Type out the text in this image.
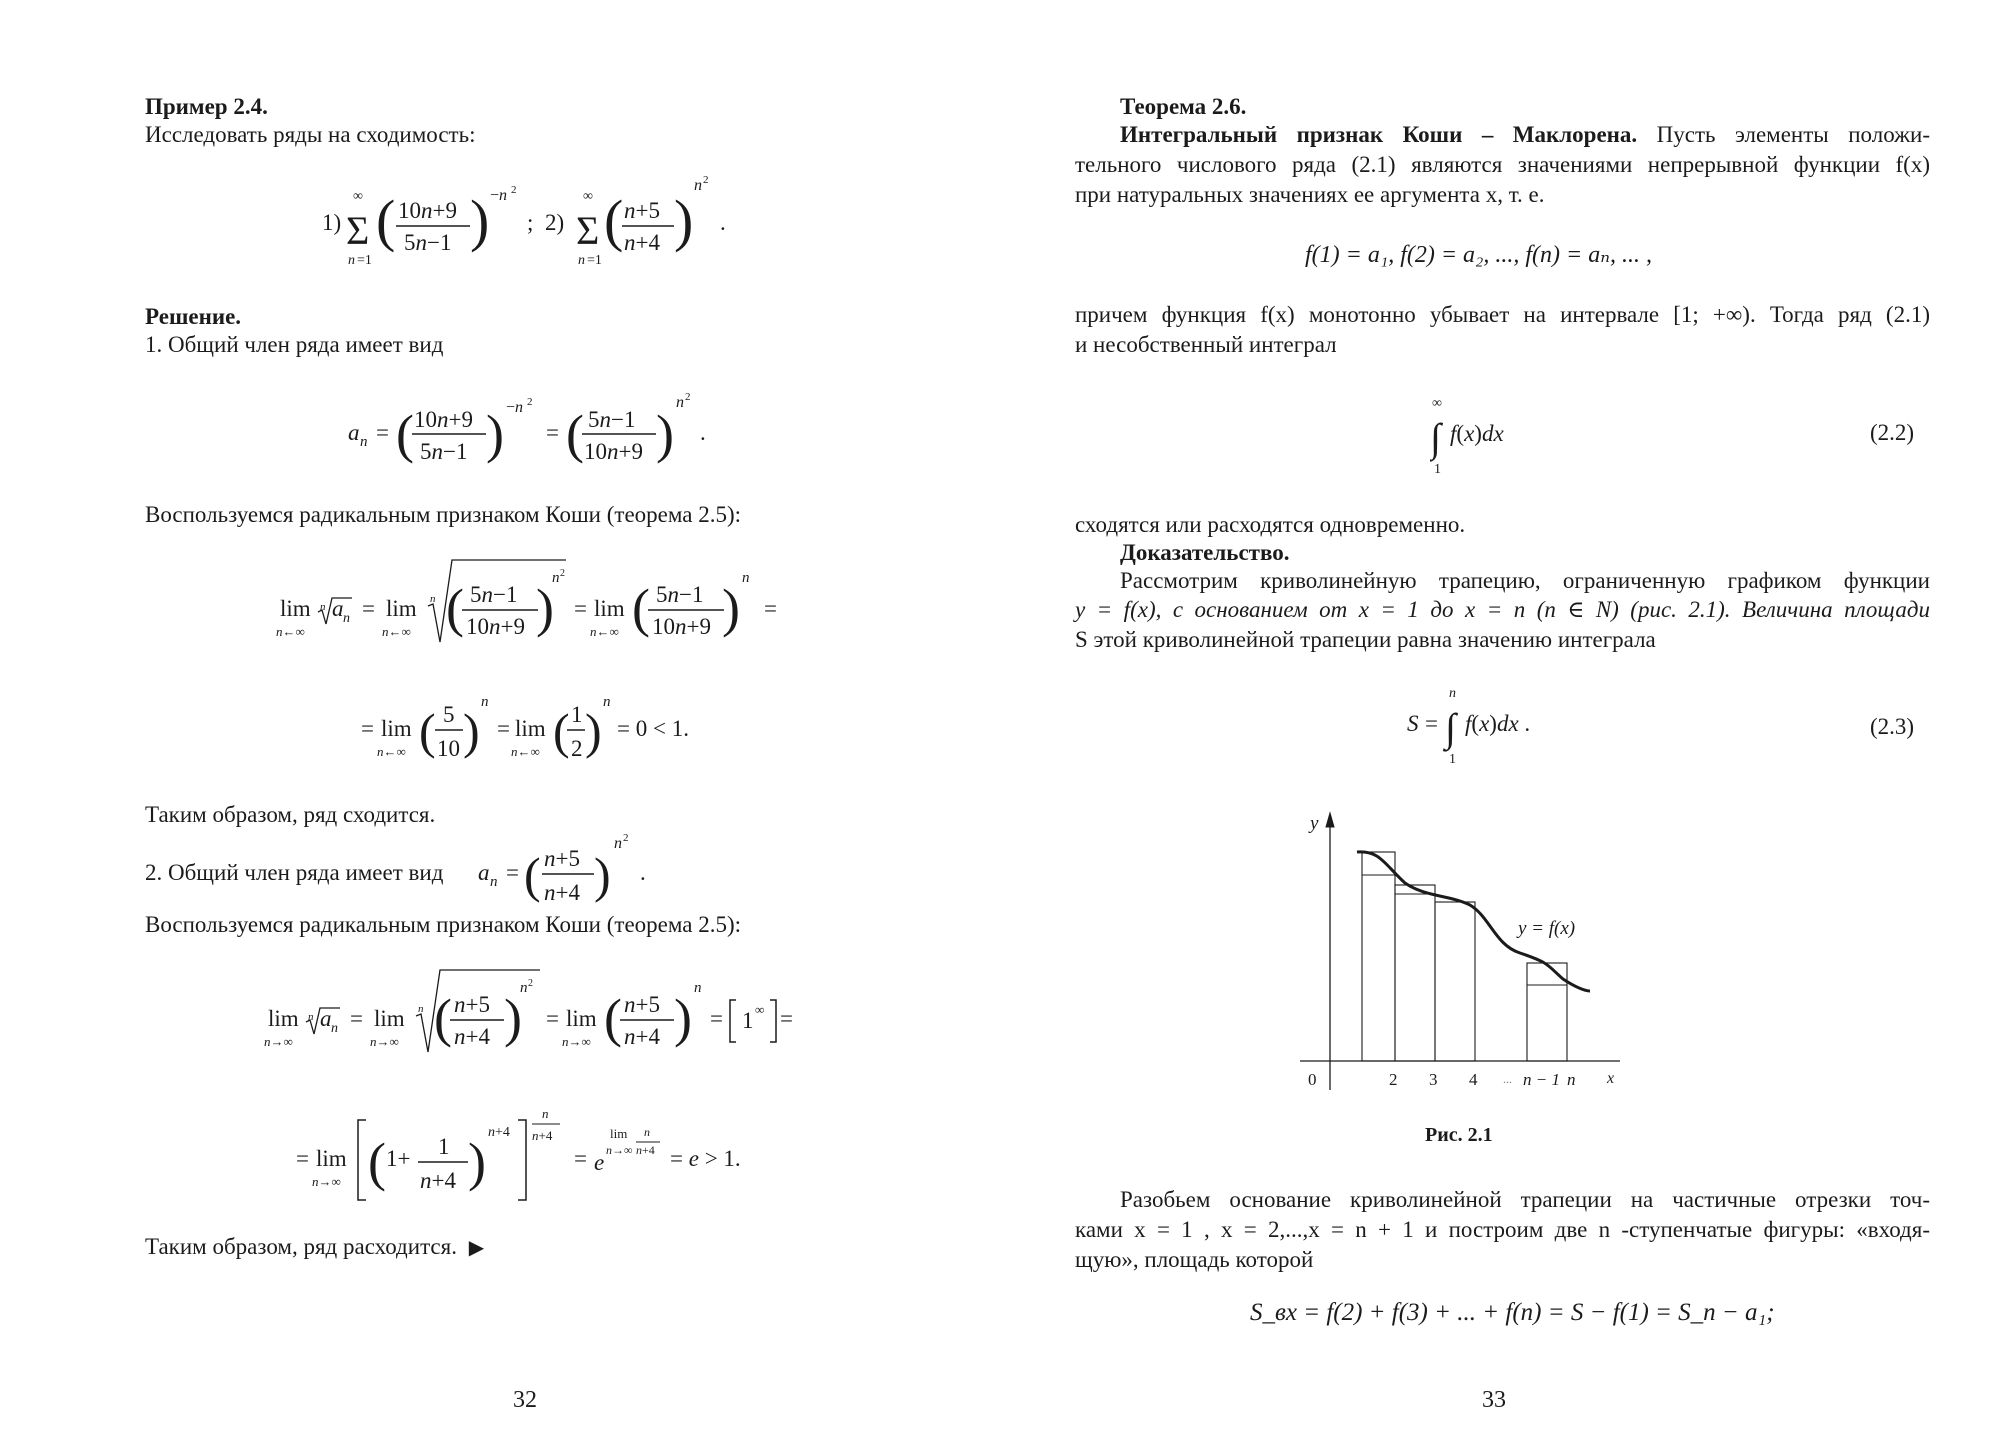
Пример 2.4.
Исследовать ряды на сходимость:
1)
∞
Σ
n =1
( 10n+9
5n−1 ) −n 2
; 2)
∞
Σ
n =1
( n+5
n+4 )
n 2
.
Решение.
1. Общий член ряда имеет вид
a n = ( 10n+9
5n−1 ) −n 2
= ( 5n−1
10n+9 )
n 2
.
Воспользуемся радикальным признаком Коши (теорема 2.5):
lim
n←∞
n a n = lim
n←∞
n ( 5n−1
10n+9 )
n 2
= lim
n←∞ ( 5n−1
10n+9 ) n
=
= lim
n←∞ ( 5
10 )
n
= lim
n←∞ ( 1
2 )
n
= 0 < 1.
Таким образом, ряд сходится.
2. Общий член ряда имеет вид a n = ( n+5
n+4 )
n 2
.
Воспользуемся радикальным признаком Коши (теорема 2.5):
lim
n→∞
n a n = lim
n→∞
n ( n+5
n+4 )
n 2
= lim
n→∞ ( n+5
n+4 ) n
= 1 ∞ =
= lim
n→∞ ( 1+ 1
n+4 ) n+4
n
n+4
= e
lim
n→∞
n
n+4 = e > 1.
Таким образом, ряд расходится. ▶
32
Теорема 2.6.
Интегральный признак Коши – Маклорена. Пусть элементы положи-
тельного числового ряда (2.1) являются значениями непрерывной функции f(x)
при натуральных значениях ее аргумента x, т. е.
f(1) = a₁, f(2) = a₂, ..., f(n) = aₙ, ... ,
причем функция f(x) монотонно убывает на интервале [1; +∞). Тогда ряд (2.1)
и несобственный интеграл
∞
∫
1
f(x)dx	(2.2)
сходятся или расходятся одновременно.
Доказательство.
Рассмотрим криволинейную трапецию, ограниченную графиком функции
y = f(x), с основанием от x = 1 до x = n (n ∈ N) (рис. 2.1). Величина площади
S этой криволинейной трапеции равна значению интеграла
S =
n
∫
1
f(x)dx .	(2.3)
y
x
0	2 3 4 ... n − 1 n
y = f(x)
Рис. 2.1
Разобьем основание криволинейной трапеции на частичные отрезки точ-
ками x = 1 , x = 2,...,x = n + 1 и построим две n -ступенчатые фигуры: «входя-
щую», площадь которой
S_вх = f(2) + f(3) + ... + f(n) = S − f(1) = S_n − a₁;
33
